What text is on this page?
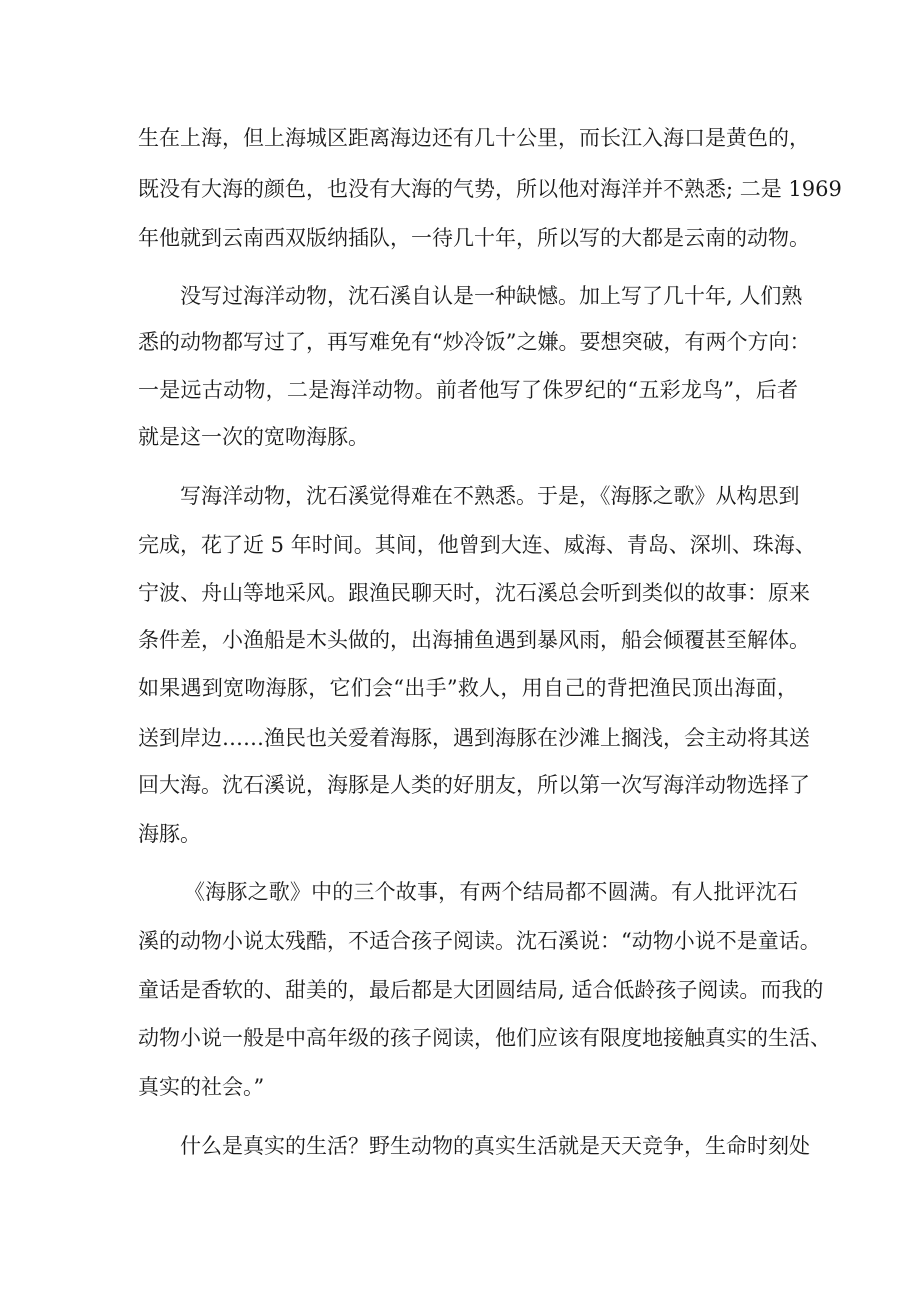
生在上海，但上海城区距离海边还有几十公里，而长江入海口是黄色的，
既没有大海的颜色，也没有大海的气势，所以他对海洋并不熟悉; 二是 1969
年他就到云南西双版纳插队，一待几十年，所以写的大都是云南的动物。
没写过海洋动物，沈石溪自认是一种缺憾。加上写了几十年, 人们熟
悉的动物都写过了，再写难免有“炒冷饭”之嫌。要想突破，有两个方向：
一是远古动物，二是海洋动物。前者他写了侏罗纪的“五彩龙鸟”，后者
就是这一次的宽吻海豚。
写海洋动物，沈石溪觉得难在不熟悉。于是，《海豚之歌》从构思到
完成，花了近 5 年时间。其间，他曾到大连、威海、青岛、深圳、珠海、
宁波、舟山等地采风。跟渔民聊天时，沈石溪总会听到类似的故事：原来
条件差，小渔船是木头做的，出海捕鱼遇到暴风雨，船会倾覆甚至解体。
如果遇到宽吻海豚，它们会“出手”救人，用自己的背把渔民顶出海面，
送到岸边……渔民也关爱着海豚，遇到海豚在沙滩上搁浅，会主动将其送
回大海。沈石溪说，海豚是人类的好朋友，所以第一次写海洋动物选择了
海豚。
《海豚之歌》中的三个故事，有两个结局都不圆满。有人批评沈石
溪的动物小说太残酷，不适合孩子阅读。沈石溪说：“动物小说不是童话。
童话是香软的、甜美的，最后都是大团圆结局, 适合低龄孩子阅读。而我的
动物小说一般是中高年级的孩子阅读，他们应该有限度地接触真实的生活、
真实的社会。”
什么是真实的生活？野生动物的真实生活就是天天竞争，生命时刻处
